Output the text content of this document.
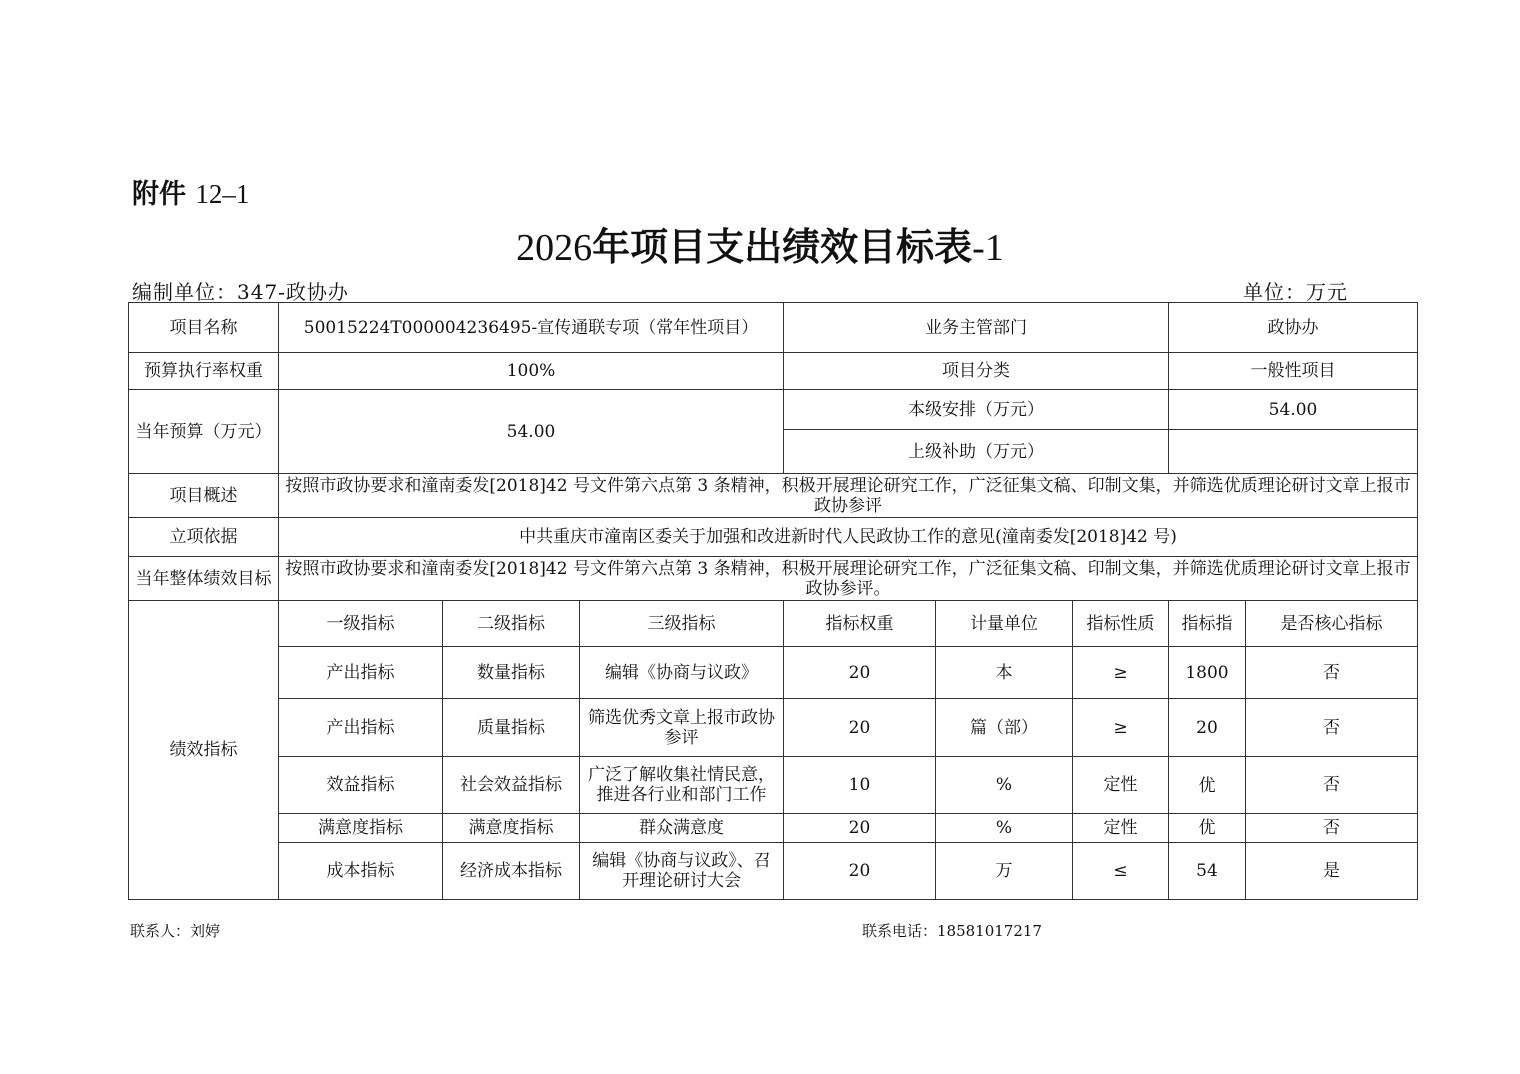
附件 12–1
2026年项目支出绩效目标表-1
编制单位：347-政协办	单位：万元
项目名称	50015224T000004236495-宣传通联专项（常年性项目）			业务主管部门			政协办	
预算执行率权重	100%			项目分类			一般性项目	
当年预算（万元）	54.00			本级安排（万元）			54.00	
				上级补助（万元）				
项目概述	按照市政协要求和潼南委发[2018]42 号文件第六点第 3 条精神，积极开展理论研究工作，广泛征集文稿、印制文集，并筛选优质理论研讨文章上报市政协参评							
立项依据	中共重庆市潼南区委关于加强和改进新时代人民政协工作的意见(潼南委发[2018]42 号)							
当年整体绩效目标	按照市政协要求和潼南委发[2018]42 号文件第六点第 3 条精神，积极开展理论研究工作，广泛征集文稿、印制文集，并筛选优质理论研讨文章上报市政协参评。							
绩效指标	一级指标	二级指标	三级指标	指标权重	计量单位	指标性质	指标指	是否核心指标
	产出指标	数量指标	编辑《协商与议政》	20	本	≥	1800	否
	产出指标	质量指标	筛选优秀文章上报市政协参评	20	篇（部）	≥	20	否
	效益指标	社会效益指标	广泛了解收集社情民意，推进各行业和部门工作	10	%	定性	优	否
	满意度指标	满意度指标	群众满意度	20	%	定性	优	否
	成本指标	经济成本指标	编辑《协商与议政》、召开理论研讨大会	20	万	≤	54	是
联系人：刘婷	联系电话：18581017217
